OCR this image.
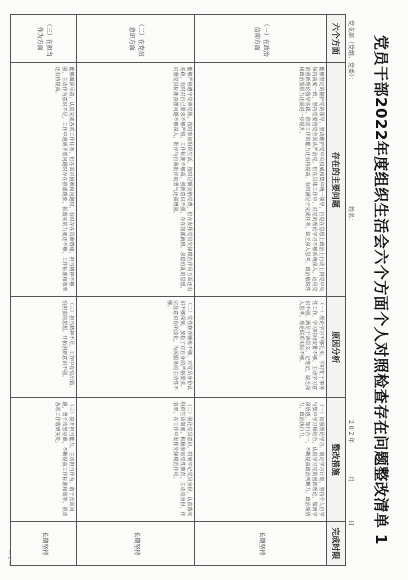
党员干部2022年度组织生活会六个方面个人对照检查存在问题整改清单 1
党支部（党组、党委）：
姓名：
2 0 2 年
月
日
六个方面	存在的主要问题	原因分析	整改措施	完成时限
（一）在政治信仰方面	能够坚定的拥护党的领导，坚决维护党中央权威和集中统一领导，自觉在思想上政治上行动上同党中央保持高度一致，坚持党要管党全面从严治党。但在具体工作中，对党的理论学习不够系统深入，运用党的创新理论指导实践、推动工作的能力还有待提高，有时满足于完成任务，缺乏深入思考，政治敏锐性和政治鉴别力还需进一步提升。	（一）理论学习不够扎实，平时忙于事务性工作，学习时间安排不够，主动学习意识不强，满足于读原文、记笔记，缺乏深入思考，理论联系实际不够。	（一）加强理论学习。制定学习计划，坚持个人自学与集中学习相结合，认真学习党的创新理论，做到学深悟透、知行合一，不断提高政治判断力、政治领悟力、政治执行力。	长期坚持
（二）在党员意识方面	能够严格遵守党章党规，按时参加组织生活，按时足额交纳党费，但在发挥党员先锋模范作用方面还有差距，有时对自己要求不够严格，工作标准不够高，创新意识不强，存在按部就班、求稳怕乱的思想，对照党员标准查摆问题不够深入，批评与自我批评的勇气还需增强。	（二）党性修养锤炼不够，对党员身份认识不够深刻，放松了对自身的严格要求，宗旨意识有所淡化，为民服务的主动性不够。	（二）强化党员意识。时刻牢记党员身份，认真落实组织生活制度，积极参加党性教育，主动亮身份、作表率，在工作中发挥先锋模范作用。	长期坚持
（三）在担当作为方面	能够履职尽责，认真完成各项工作任务，但在面对困难和问题时，有时存在畏难情绪，担当精神不够强，主动作为意识不足，工作中遇到矛盾问题时存在推诿现象，抓落实的力度还不够，工作标准和效率还有待提高。	（三）担当精神不足，工作中有怕出错、怕担责的思想，开拓创新意识不强。	（三）提升担当能力。主动担当作为，敢于直面问题，勇于攻坚克难，不断提高工作标准和效率，推动各项工作落到实处。	长期坚持
— 1 —
